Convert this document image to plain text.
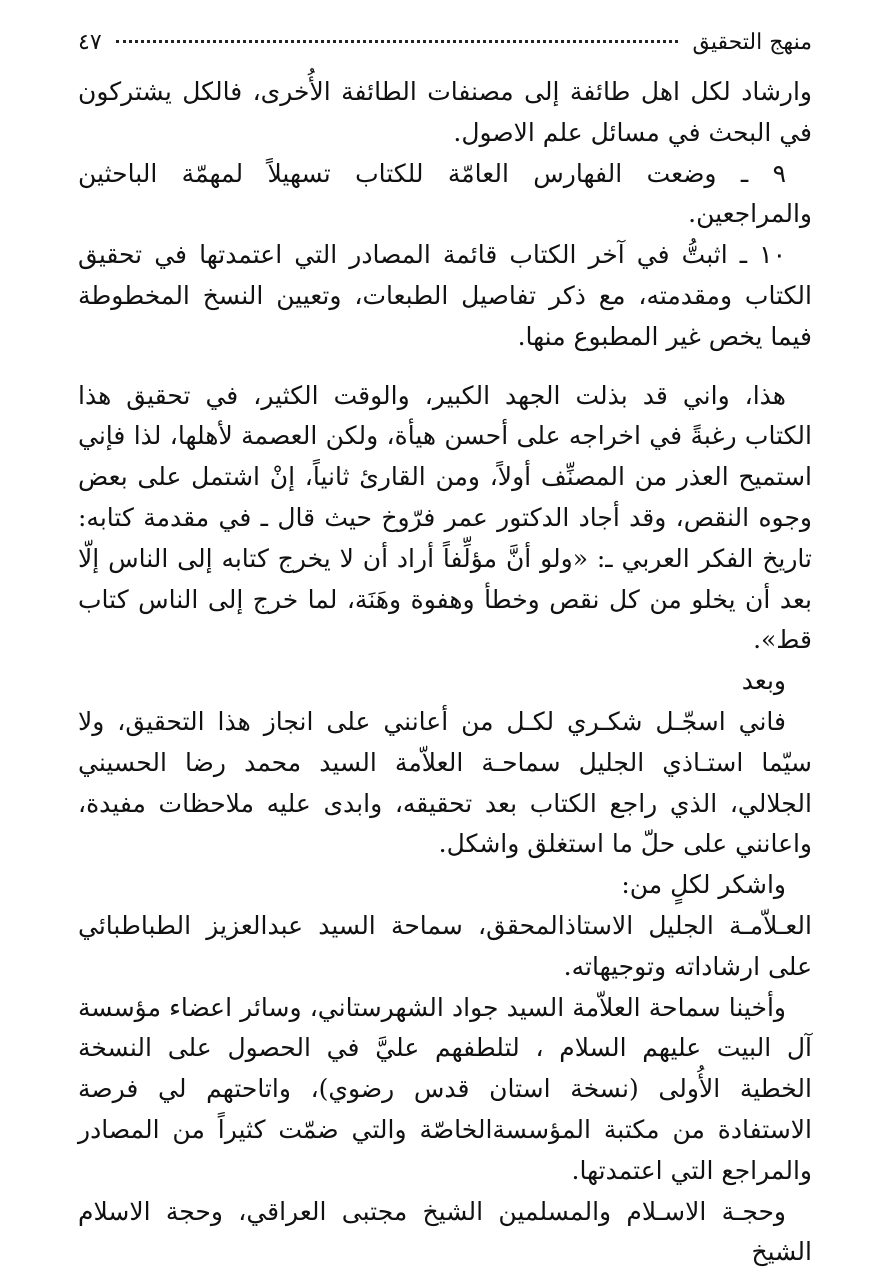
منهج التحقيق
٤٧

وارشاد لكل اهل طائفة إلى مصنفات الطائفة الأُخرى، فالكل يشتركون في البحث في مسائل علم الاصول.

٩ ـ وضعت الفهارس العامّة للكتاب تسهيلاً لمهمّة الباحثين والمراجعين.

١٠ ـ اثبتُّ في آخر الكتاب قائمة المصادر التي اعتمدتها في تحقيق الكتاب ومقدمته، مع ذكر تفاصيل الطبعات، وتعيين النسخ المخطوطة فيما يخص غير المطبوع منها.

هذا، واني قد بذلت الجهد الكبير، والوقت الكثير، في تحقيق هذا الكتاب رغبةً في اخراجه على أحسن هيأة، ولكن العصمة لأهلها، لذا فإني استميح العذر من المصنِّف أولاً، ومن القارئ ثانياً، إنْ اشتمل على بعض وجوه النقص، وقد أجاد الدكتور عمر فرّوخ حيث قال ـ في مقدمة كتابه: تاريخ الفكر العربي ـ: «ولو أنَّ مؤلِّفاً أراد أن لا يخرج كتابه إلى الناس إلّا بعد أن يخلو من كل نقص وخطأ وهفوة وهَنَة، لما خرج إلى الناس كتاب قط».

وبعد

فاني اسجّـل شكـري لكـل من أعانني على انجاز هذا التحقيق، ولا سيّما استـاذي الجليل سماحـة العلاّمة السيد محمد رضا الحسيني الجلالي، الذي راجع الكتاب بعد تحقيقه، وابدى عليه ملاحظات مفيدة، واعانني على حلّ ما استغلق واشكل.

واشكر لكلٍ من:

العـلاّمـة الجليل الاستاذالمحقق، سماحة السيد عبدالعزيز الطباطبائي على ارشاداته وتوجيهاته.

وأخينا سماحة العلاّمة السيد جواد الشهرستاني، وسائر اعضاء مؤسسة آل البيت عليهم السلام ، لتلطفهم عليَّ في الحصول على النسخة الخطية الأُولى (نسخة استان قدس رضوي)، واتاحتهم لي فرصة الاستفادة من مكتبة المؤسسةالخاصّة والتي ضمّت كثيراً من المصادر والمراجع التي اعتمدتها.

وحجـة الاسـلام والمسلمين الشيخ مجتبى العراقي، وحجة الاسلام الشيخ
